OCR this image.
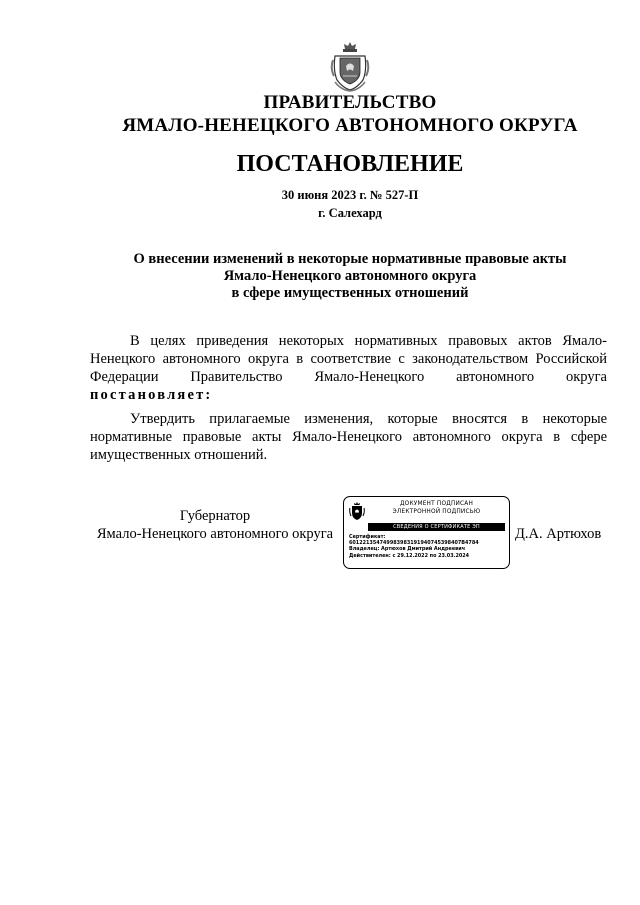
ПРАВИТЕЛЬСТВО
ЯМАЛО-НЕНЕЦКОГО АВТОНОМНОГО ОКРУГА
ПОСТАНОВЛЕНИЕ
30 июня 2023 г. № 527-П
г. Салехард
О внесении изменений в некоторые нормативные правовые акты
Ямало-Ненецкого автономного округа
в сфере имущественных отношений
В целях приведения некоторых нормативных правовых актов Ямало-
Ненецкого автономного округа в соответствие с законодательством Российской
Федерации Правительство Ямало-Ненецкого автономного округа
постановляет:
Утвердить прилагаемые изменения, которые вносятся в некоторые
нормативные правовые акты Ямало-Ненецкого автономного округа в сфере
имущественных отношений.
Губернатор
Ямало-Ненецкого автономного округа
ДОКУМЕНТ ПОДПИСАН
ЭЛЕКТРОННОЙ ПОДПИСЬЮ
СВЕДЕНИЯ О СЕРТИФИКАТЕ ЭП
Сертификат:
601221354749983983191940745398407B4784
Владелец: Артюхов Дмитрий Андреевич
Действителен: с 29.12.2022 по 23.03.2024
Д.А. Артюхов
